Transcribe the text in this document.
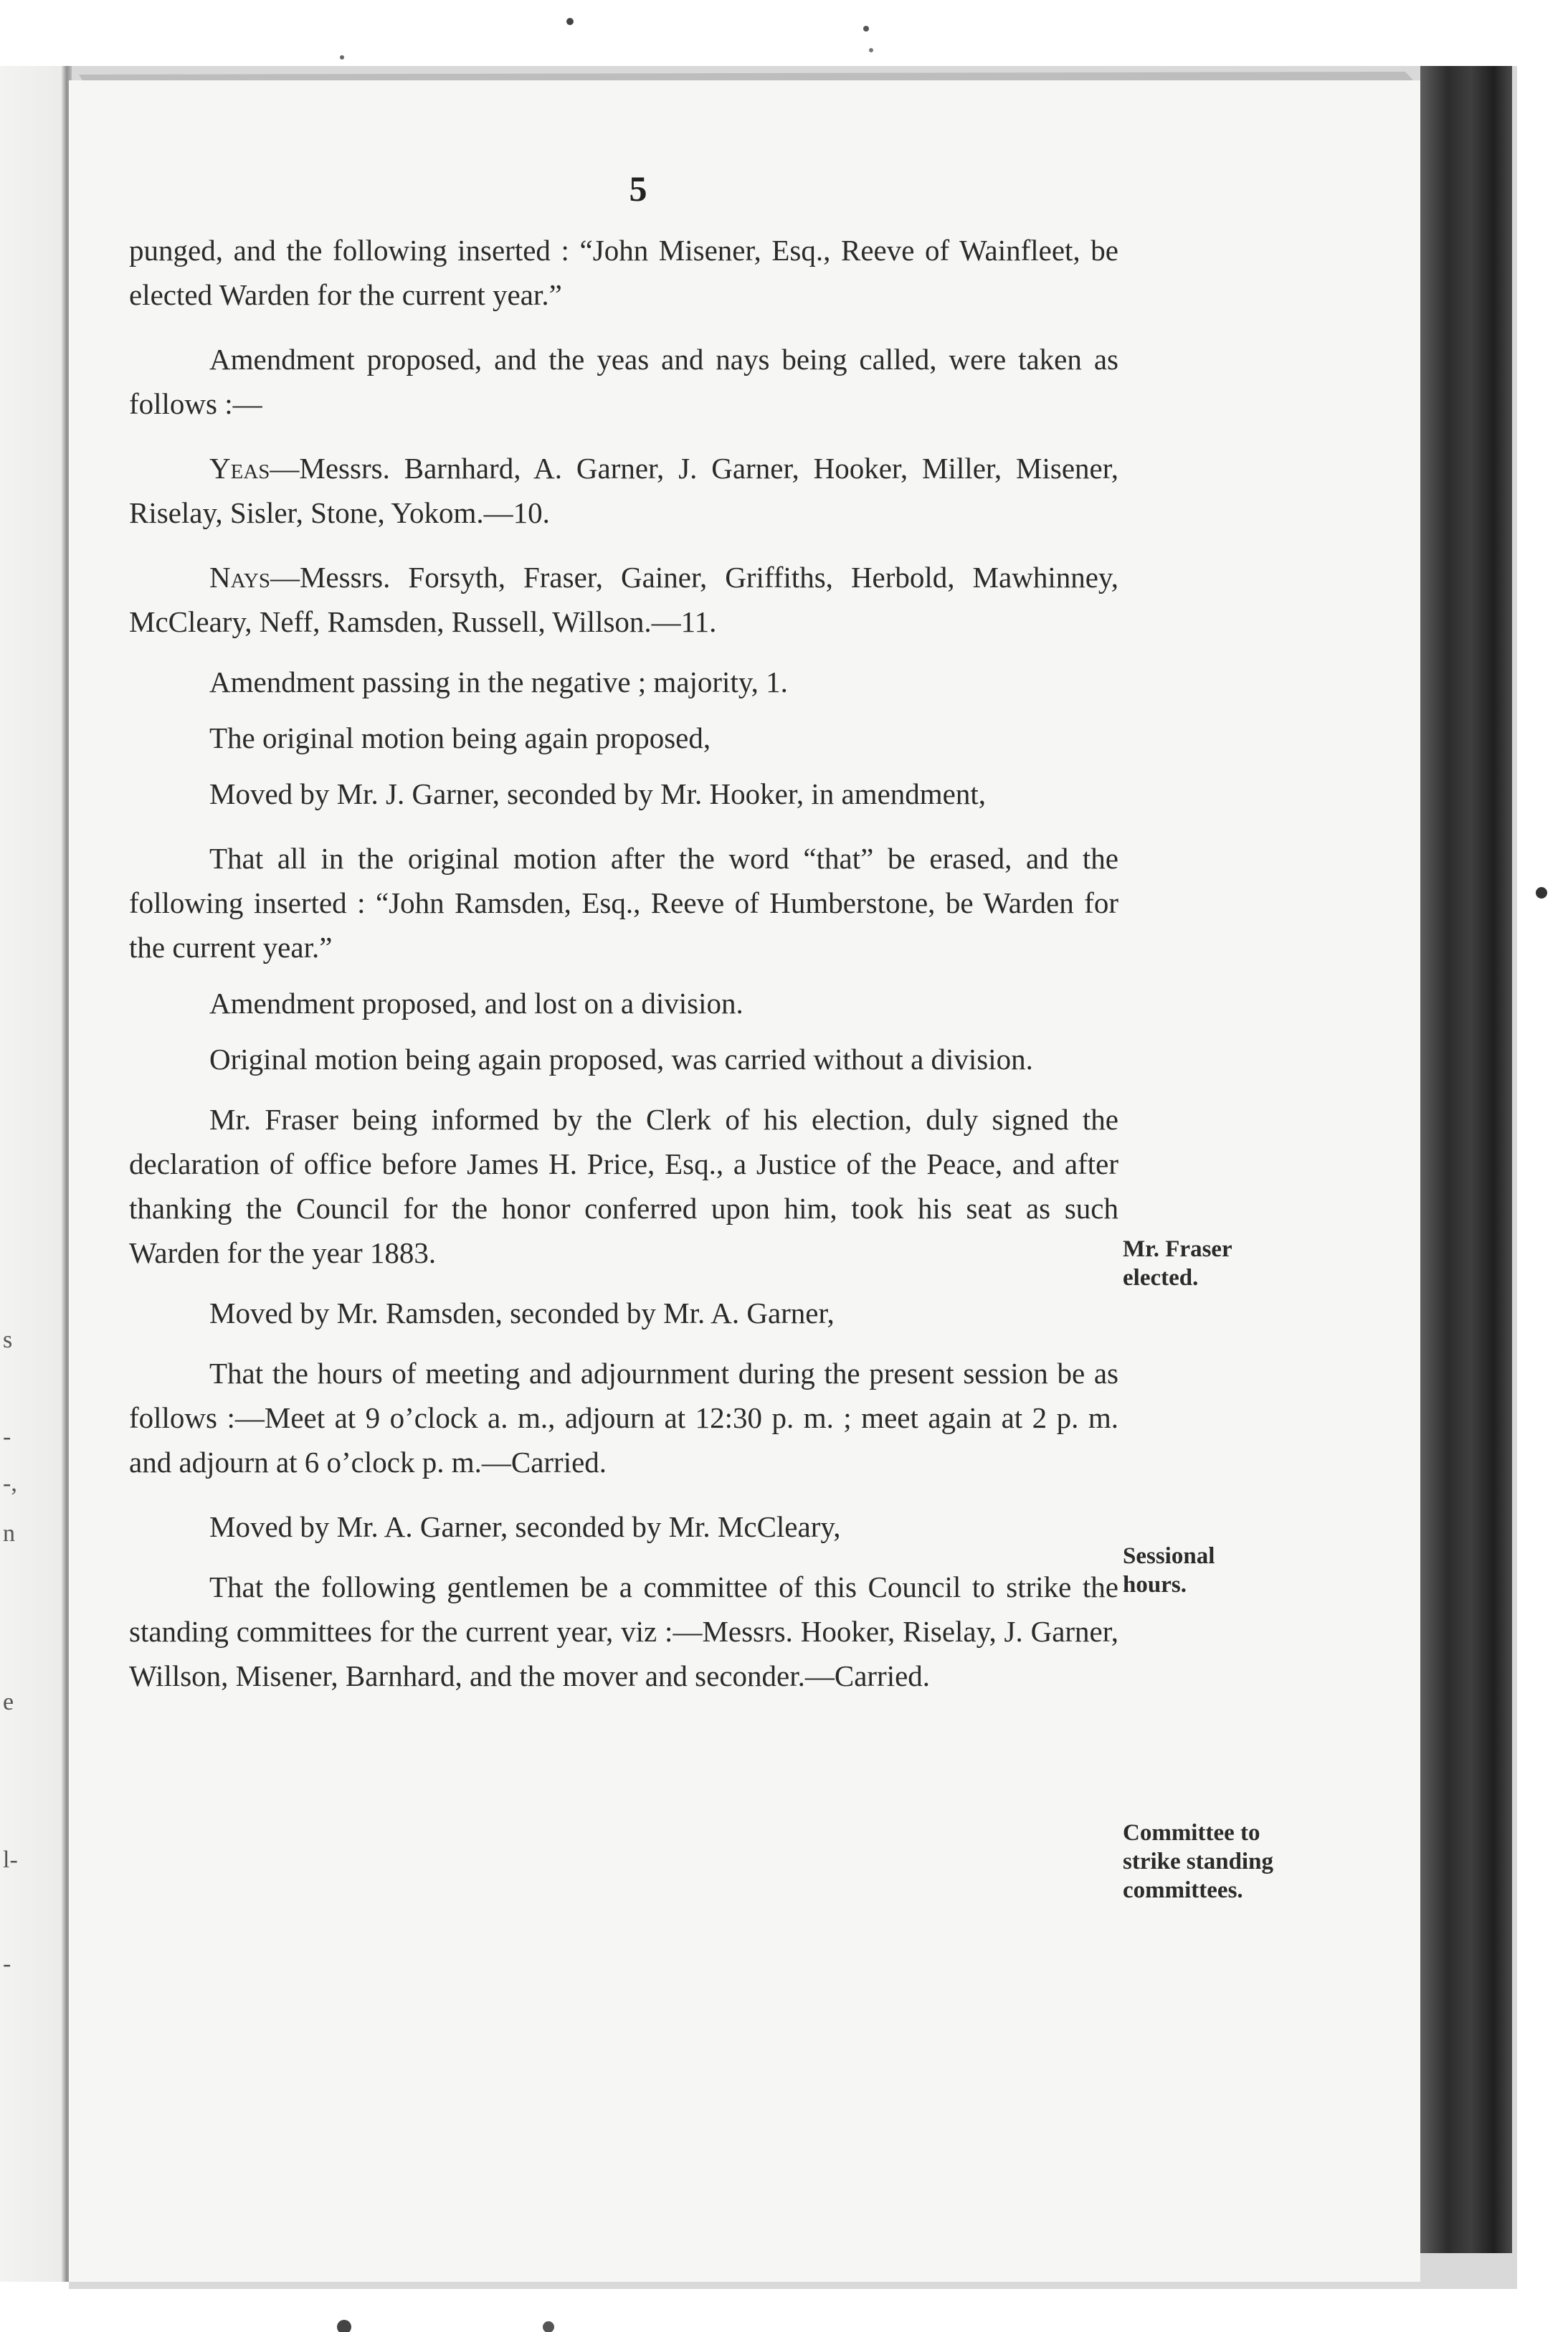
s
-
-,
n
e
l-
-
5

punged, and the following inserted : “John Misener, Esq., Reeve of Wainfleet, be elected Warden for the current year.”

Amendment proposed, and the yeas and nays being called, were taken as follows :—

Yeas—Messrs. Barnhard, A. Garner, J. Garner, Hooker, Miller, Misener, Riselay, Sisler, Stone, Yokom.—10.

Nays—Messrs. Forsyth, Fraser, Gainer, Griffiths, Herbold, Mawhinney, McCleary, Neff, Ramsden, Russell, Willson.—11.

Amendment passing in the negative ; majority, 1.

The original motion being again proposed,

Moved by Mr. J. Garner, seconded by Mr. Hooker, in amendment,

That all in the original motion after the word “that” be erased, and the following inserted : “John Ramsden, Esq., Reeve of Humberstone, be Warden for the current year.”

Amendment proposed, and lost on a division.

Original motion being again proposed, was carried without a division.

Mr. Fraser being informed by the Clerk of his election, duly signed the declaration of office before James H. Price, Esq., a Justice of the Peace, and after thanking the Council for the honor conferred upon him, took his seat as such Warden for the year 1883.

Moved by Mr. Ramsden, seconded by Mr. A. Garner,

That the hours of meeting and adjournment during the present session be as follows :—Meet at 9 o’clock a. m., adjourn at 12:30 p. m. ; meet again at 2 p. m. and adjourn at 6 o’clock p. m.—Carried.

Moved by Mr. A. Garner, seconded by Mr. McCleary,

That the following gentlemen be a committee of this Council to strike the standing committees for the current year, viz :—Messrs. Hooker, Riselay, J. Garner, Willson, Misener, Barnhard, and the mover and seconder.—Carried.

Mr. Fraser
elected.
Sessional
hours.
Committee to
strike standing
committees.
